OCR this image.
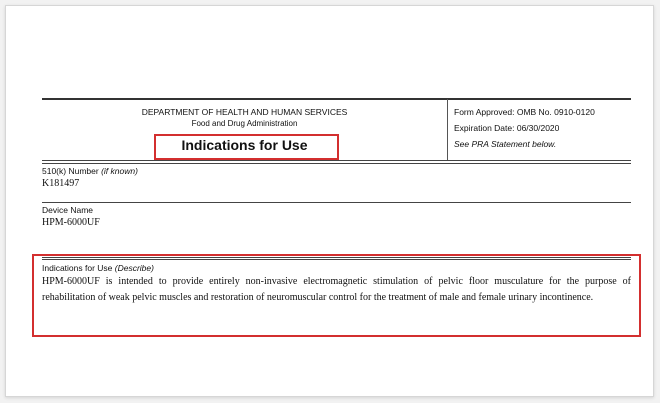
DEPARTMENT OF HEALTH AND HUMAN SERVICES
Food and Drug Administration
Indications for Use
Form Approved: OMB No. 0910-0120
Expiration Date: 06/30/2020
See PRA Statement below.
510(k) Number (if known)
K181497
Device Name
HPM-6000UF
Indications for Use (Describe)
HPM-6000UF is intended to provide entirely non-invasive electromagnetic stimulation of pelvic floor musculature for the purpose of rehabilitation of weak pelvic muscles and restoration of neuromuscular control for the treatment of male and female urinary incontinence.
